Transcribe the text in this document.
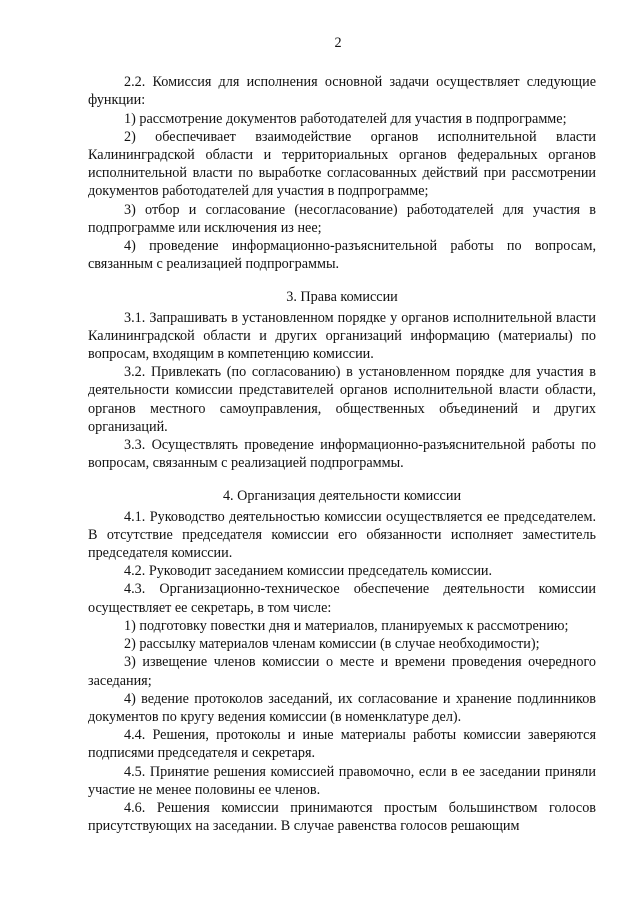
2

2.2. Комиссия для исполнения основной задачи осуществляет следующие функции:

1) рассмотрение документов работодателей для участия в подпрограмме;

2) обеспечивает взаимодействие органов исполнительной власти Калининградской области и территориальных органов федеральных органов исполнительной власти по выработке согласованных действий при рассмотрении документов работодателей для участия в подпрограмме;

3) отбор и согласование (несогласование) работодателей для участия в подпрограмме или исключения из нее;

4) проведение информационно-разъяснительной работы по вопросам, связанным с реализацией подпрограммы.

3. Права комиссии

3.1. Запрашивать в установленном порядке у органов исполнительной власти Калининградской области и других организаций информацию (материалы) по вопросам, входящим в компетенцию комиссии.

3.2. Привлекать (по согласованию) в установленном порядке для участия в деятельности комиссии представителей органов исполнительной власти области, органов местного самоуправления, общественных объединений и других организаций.

3.3. Осуществлять проведение информационно-разъяснительной работы по вопросам, связанным с реализацией подпрограммы.

4. Организация деятельности комиссии

4.1. Руководство деятельностью комиссии осуществляется ее председателем. В отсутствие председателя комиссии его обязанности исполняет заместитель председателя комиссии.

4.2. Руководит заседанием комиссии председатель комиссии.

4.3. Организационно-техническое обеспечение деятельности комиссии осуществляет ее секретарь, в том числе:

1) подготовку повестки дня и материалов, планируемых к рассмотрению;

2) рассылку материалов членам комиссии (в случае необходимости);

3) извещение членов комиссии о месте и времени проведения очередного заседания;

4) ведение протоколов заседаний, их согласование и хранение подлинников документов по кругу ведения комиссии (в номенклатуре дел).

4.4. Решения, протоколы и иные материалы работы комиссии заверяются подписями председателя и секретаря.

4.5. Принятие решения комиссией правомочно, если в ее заседании приняли участие не менее половины ее членов.

4.6. Решения комиссии принимаются простым большинством голосов присутствующих на заседании. В случае равенства голосов решающим
